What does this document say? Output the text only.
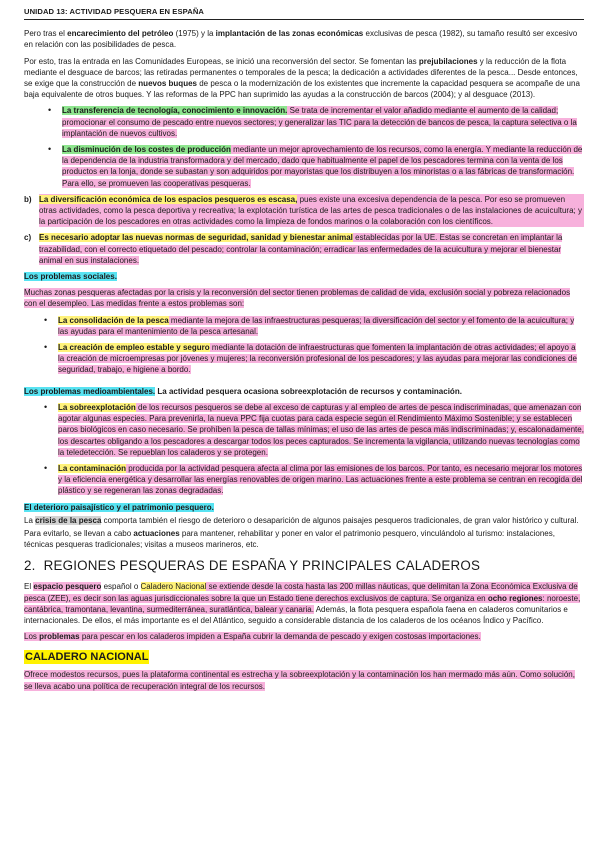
UNIDAD 13: ACTIVIDAD PESQUERA EN ESPAÑA

Pero tras el encarecimiento del petróleo (1975) y la implantación de las zonas económicas exclusivas de pesca (1982), su tamaño resultó ser excesivo en relación con las posibilidades de pesca.

Por esto, tras la entrada en las Comunidades Europeas, se inició una reconversión del sector. Se fomentan las prejubilaciones y la reducción de la flota mediante el desguace de barcos; las retiradas permanentes o temporales de la pesca; la dedicación a actividades diferentes de la pesca... Desde entonces, se exige que la construcción de nuevos buques de pesca o la modernización de los existentes que incremente la capacidad pesquera se acompañe de una baja equivalente de otros buques. Y las reformas de la PPC han suprimido las ayudas a la construcción de barcos (2004); y al desguace (2013).

• La transferencia de tecnología, conocimiento e innovación. Se trata de incrementar el valor añadido mediante el aumento de la calidad; promocionar el consumo de pescado entre nuevos sectores; y generalizar las TIC para la detección de bancos de pesca, la captura selectiva o la implantación de nuevos cultivos.
• La disminución de los costes de producción mediante un mejor aprovechamiento de los recursos, como la energía. Y mediante la reducción de la dependencia de la industria transformadora y del mercado, dado que habitualmente el papel de los pescadores termina con la venta de los productos en la lonja, donde se subastan y son adquiridos por mayoristas que los distribuyen a los minoristas o a las fábricas de transformación. Para ello, se promueven las cooperativas pesqueras.
b) La diversificación económica de los espacios pesqueros es escasa, pues existe una excesiva dependencia de la pesca. Por eso se promueven otras actividades, como la pesca deportiva y recreativa; la explotación turística de las artes de pesca tradicionales o de las instalaciones de acuicultura; y la participación de los pescadores en otras actividades como la limpieza de fondos marinos o la colaboración con los científicos.
c) Es necesario adoptar las nuevas normas de seguridad, sanidad y bienestar animal establecidas por la UE. Estas se concretan en implantar la trazabilidad, con el correcto etiquetado del pescado; controlar la contaminación; erradicar las enfermedades de la acuicultura y mejorar el bienestar animal en sus instalaciones.

Los problemas sociales.

Muchas zonas pesqueras afectadas por la crisis y la reconversión del sector tienen problemas de calidad de vida, exclusión social y pobreza relacionados con el desempleo. Las medidas frente a estos problemas son:

• La consolidación de la pesca mediante la mejora de las infraestructuras pesqueras; la diversificación del sector y el fomento de la acuicultura; y las ayudas para el mantenimiento de la pesca artesanal.
• La creación de empleo estable y seguro mediante la dotación de infraestructuras que fomenten la implantación de otras actividades; el apoyo a la creación de microempresas por jóvenes y mujeres; la reconversión profesional de los pescadores; y las ayudas para mejorar las condiciones de seguridad, trabajo, e higiene a bordo.

Los problemas medioambientales. La actividad pesquera ocasiona sobreexplotación de recursos y contaminación.

• La sobreexplotación de los recursos pesqueros se debe al exceso de capturas y al empleo de artes de pesca indiscriminadas, que amenazan con agotar algunas especies. Para prevenirla, la nueva PPC fija cuotas para cada especie según el Rendimiento Máximo Sostenible; y se establecen paros biológicos en caso necesario. Se prohíben la pesca de tallas mínimas; el uso de las artes de pesca más indiscriminadas; y, escalonadamente, los descartes obligando a los pescadores a descargar todos los peces capturados. Se incrementa la vigilancia, utilizando nuevas tecnologías como la teledetección. Se repueblan los caladeros y se protegen.
• La contaminación producida por la actividad pesquera afecta al clima por las emisiones de los barcos. Por tanto, es necesario mejorar los motores y la eficiencia energética y desarrollar las energías renovables de origen marino. Las actuaciones frente a este problema se centran en recogida del plástico y se regeneran las zonas degradadas.

El deterioro paisajístico y el patrimonio pesquero.

La crisis de la pesca comporta también el riesgo de deterioro o desaparición de algunos paisajes pesqueros tradicionales, de gran valor histórico y cultural.

Para evitarlo, se llevan a cabo actuaciones para mantener, rehabilitar y poner en valor el patrimonio pesquero, vinculándolo al turismo: instalaciones, técnicas pesqueras tradicionales; visitas a museos marineros, etc.

2. REGIONES PESQUERAS DE ESPAÑA Y PRINCIPALES CALADEROS

El espacio pesquero español o Caladero Nacional se extiende desde la costa hasta las 200 millas náuticas, que delimitan la Zona Económica Exclusiva de pesca (ZEE), es decir son las aguas jurisdiccionales sobre la que un Estado tiene derechos exclusivos de captura. Se organiza en ocho regiones: noroeste, cantábrica, tramontana, levantina, surmediterránea, suratlántica, balear y canaria. Además, la flota pesquera española faena en caladeros comunitarios e internacionales. De ellos, el más importante es el del Atlántico, seguido a considerable distancia de los caladeros de los océanos Índico y Pacífico.

Los problemas para pescar en los caladeros impiden a España cubrir la demanda de pescado y exigen costosas importaciones.

CALADERO NACIONAL

Ofrece modestos recursos, pues la plataforma continental es estrecha y la sobreexplotación y la contaminación los han mermado más aún. Como solución, se lleva acabo una política de recuperación integral de los recursos.
